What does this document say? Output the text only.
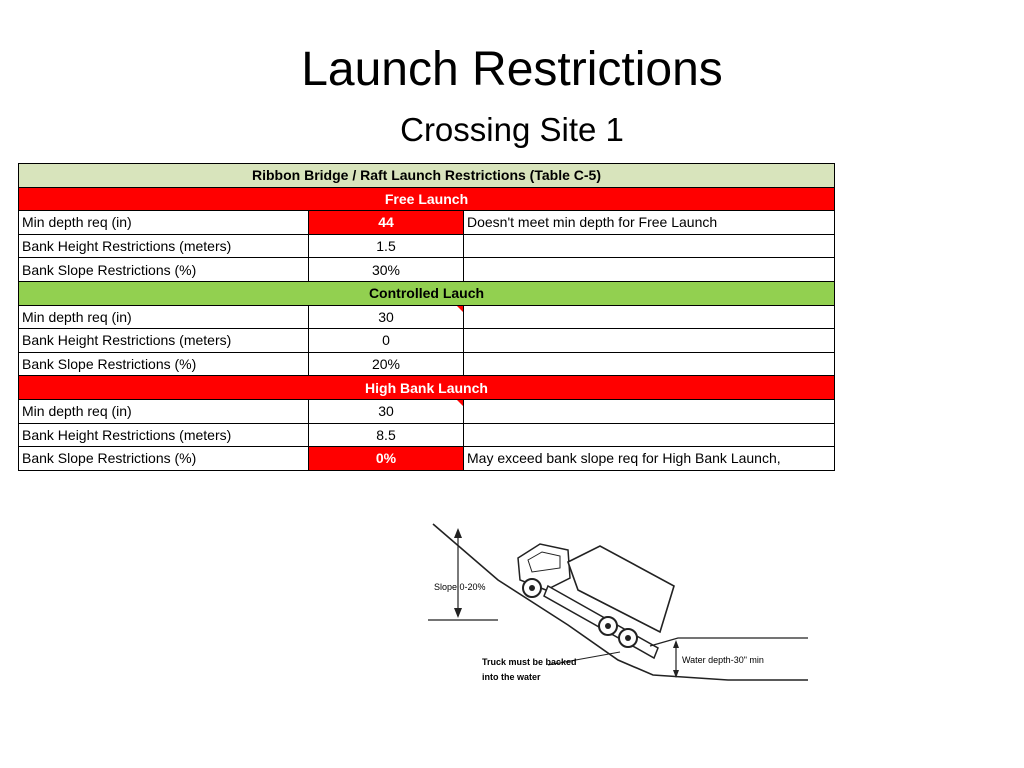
Launch Restrictions
Crossing Site 1
Ribbon Bridge / Raft Launch Restrictions (Table C-5)		
Free Launch		
Min depth req (in)	44	Doesn't meet min depth for Free Launch
Bank Height Restrictions (meters)	1.5	
Bank Slope Restrictions (%)	30%	
Controlled Lauch		
Min depth req (in)	30

Bank Height Restrictions (meters)	0	
Bank Slope Restrictions (%)	20%	
High Bank Launch		
Min depth req (in)	30

Bank Height Restrictions (meters)	8.5	
Bank Slope Restrictions (%)	0%	May exceed bank slope req for High Bank Launch,
Slope 0-20%
Water depth-30" min
Truck must be backed
into the water
